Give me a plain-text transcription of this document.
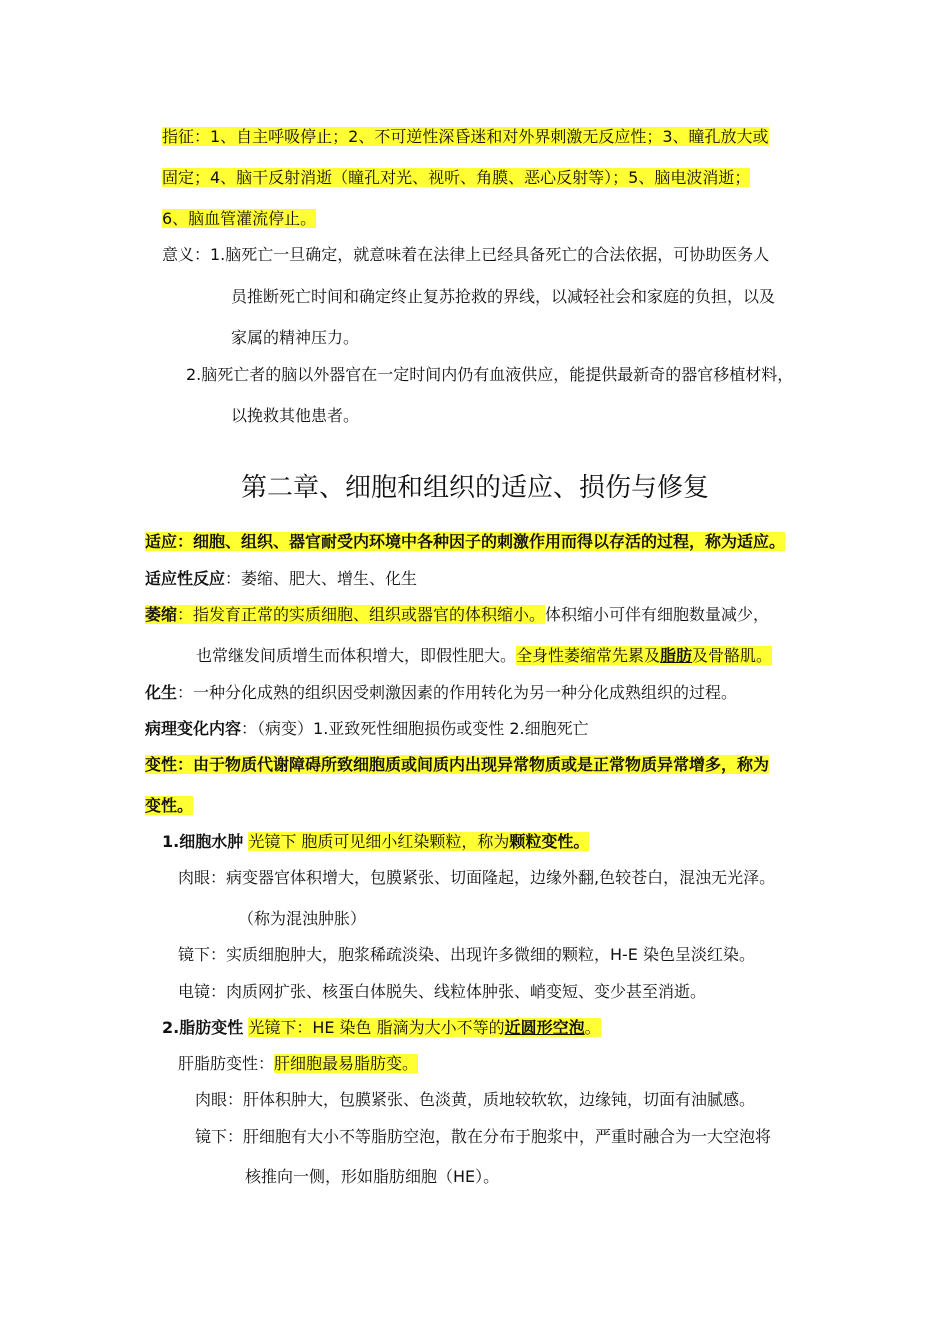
指征：1、自主呼吸停止；2、不可逆性深昏迷和对外界刺激无反应性；3、瞳孔放大或
固定；4、脑干反射消逝（瞳孔对光、视听、角膜、恶心反射等）；5、脑电波消逝；
6、脑血管灌流停止。
意义：1.脑死亡一旦确定，就意味着在法律上已经具备死亡的合法依据，可协助医务人
员推断死亡时间和确定终止复苏抢救的界线，以减轻社会和家庭的负担，以及
家属的精神压力。
2.脑死亡者的脑以外器官在一定时间内仍有血液供应，能提供最新奇的器官移植材料，
以挽救其他患者。
第二章、细胞和组织的适应、损伤与修复
适应：细胞、组织、器官耐受内环境中各种因子的刺激作用而得以存活的过程，称为适应。
适应性反应：萎缩、肥大、增生、化生
萎缩：指发育正常的实质细胞、组织或器官的体积缩小。体积缩小可伴有细胞数量减少，
也常继发间质增生而体积增大，即假性肥大。全身性萎缩常先累及脂肪及骨骼肌。
化生：一种分化成熟的组织因受刺激因素的作用转化为另一种分化成熟组织的过程。
病理变化内容：（病变）1.亚致死性细胞损伤或变性 2.细胞死亡
变性：由于物质代谢障碍所致细胞质或间质内出现异常物质或是正常物质异常增多，称为
变性。
1.细胞水肿 光镜下 胞质可见细小红染颗粒，称为颗粒变性。
肉眼：病变器官体积增大，包膜紧张、切面隆起，边缘外翻,色较苍白，混浊无光泽。
（称为混浊肿胀）
镜下：实质细胞肿大，胞浆稀疏淡染、出现许多微细的颗粒，H-E 染色呈淡红染。
电镜：肉质网扩张、核蛋白体脱失、线粒体肿张、峭变短、变少甚至消逝。
2.脂肪变性 光镜下：HE 染色 脂滴为大小不等的近圆形空泡。
肝脂肪变性：肝细胞最易脂肪变。
肉眼：肝体积肿大，包膜紧张、色淡黄，质地较软软，边缘钝，切面有油腻感。
镜下：肝细胞有大小不等脂肪空泡，散在分布于胞浆中，严重时融合为一大空泡将
核推向一侧，形如脂肪细胞（HE）。
